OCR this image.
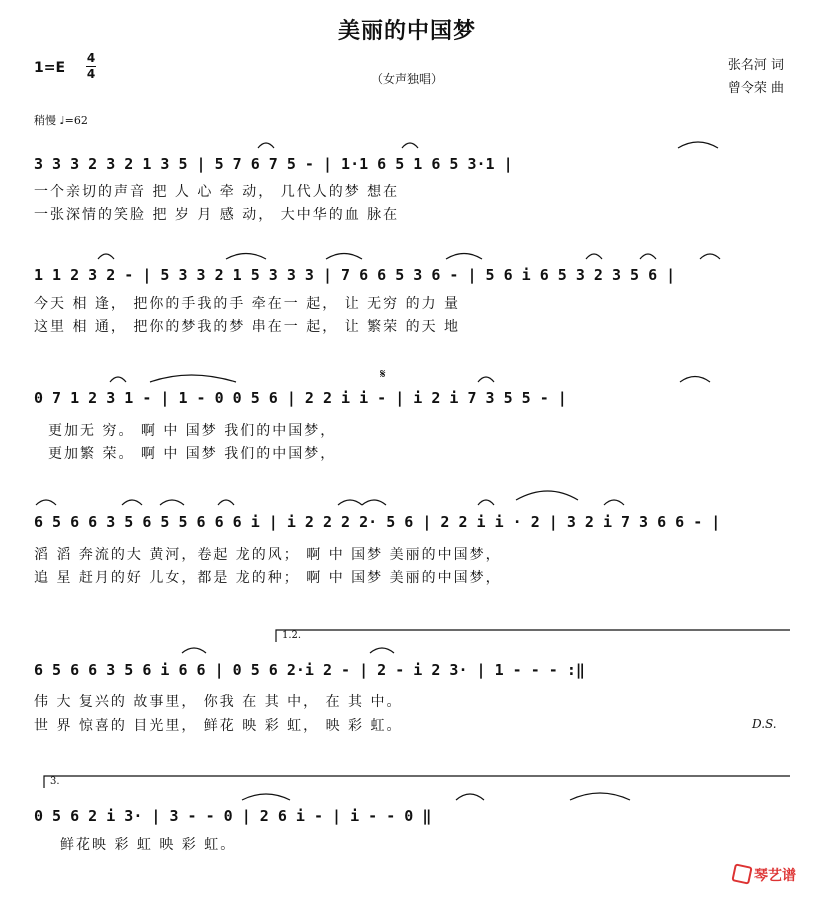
美丽的中国梦
1=E
4
4	（女声独唱）
张名河 词
曾令荣 曲
稍慢 ♩=62
3 3 3 2 3 2 1 3 5 | 5 7 6 7 5 - | 1·1 6 5 1 6 5 3·1 |
一个亲切的声音 把 人 心 牵 动， 几代人的梦 想在
一张深情的笑脸 把 岁 月 感 动， 大中华的血 脉在
1 1 2 3 2 - | 5 3 3 2 1 5 3 3 3 | 7 6 6 5 3 6 - | 5 6 i 6 5 3 2 3 5 6 |
今天 相 逢， 把你的手我的手 牵在一 起， 让 无穷 的力 量
这里 相 通， 把你的梦我的梦 串在一 起， 让 繁荣 的天 地
0 7 1 2 3 1 - | 1 - 0 0 5 6 | 2 2 i i - | i 2 i 7 3 5 5 - |
更加无 穷。 啊 中 国梦 我们的中国梦，
更加繁 荣。 啊 中 国梦 我们的中国梦，
6 5 6 6 3 5 6 5 5 6 6 6 i | i 2 2 2 2· 5 6 | 2 2 i i · 2 | 3 2 i 7 3 6 6 - |
滔 滔 奔流的大 黄河，卷起 龙的风； 啊 中 国梦 美丽的中国梦，
追 星 赶月的好 儿女，都是 龙的种； 啊 中 国梦 美丽的中国梦，
1.2.
6 5 6 6 3 5 6 i 6 6 | 0 5 6 2·i 2 - | 2 - i 2 3· | 1 - - - :‖
伟 大 复兴的 故事里， 你我 在 其 中， 在 其 中。
世 界 惊喜的 目光里， 鲜花 映 彩 虹， 映 彩 虹。	D.S.
3.
0 5 6 2 i 3· | 3 - - 0 | 2 6 i - | i - - 0 ‖
鲜花映 彩 虹 映 彩 虹。
𝄋
琴艺谱
